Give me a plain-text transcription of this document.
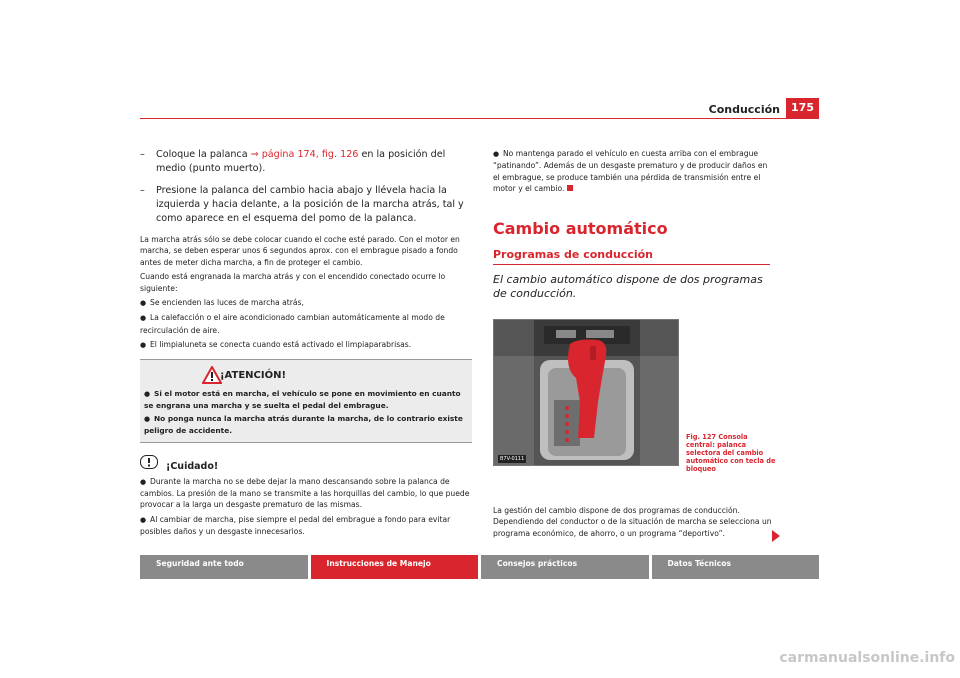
Conducción	175
– Coloque la palanca ⇒ página 174, fig. 126 en la posición del medio (punto muerto).
– Presione la palanca del cambio hacia abajo y llévela hacia la izquierda y hacia delante, a la posición de la marcha atrás, tal y como aparece en el esquema del pomo de la palanca.

La marcha atrás sólo se debe colocar cuando el coche esté parado. Con el motor en marcha, se deben esperar unos 6 segundos aprox. con el embrague pisado a fondo antes de meter dicha marcha, a fin de proteger el cambio.

Cuando está engranada la marcha atrás y con el encendido conectado ocurre lo siguiente:

● Se encienden las luces de marcha atrás,
● La calefacción o el aire acondicionado cambian automáticamente al modo de recirculación de aire.
● El limpialuneta se conecta cuando está activado el limpiaparabrisas.
¡ATENCIÓN!
● Si el motor está en marcha, el vehículo se pone en movimiento en cuanto se engrana una marcha y se suelta el pedal del embrague.
● No ponga nunca la marcha atrás durante la marcha, de lo contrario existe peligro de accidente.
¡Cuidado!
● Durante la marcha no se debe dejar la mano descansando sobre la palanca de cambios. La presión de la mano se transmite a las horquillas del cambio, lo que puede provocar a la larga un desgaste prematuro de las mismas.
● Al cambiar de marcha, pise siempre el pedal del embrague a fondo para evitar posibles daños y un desgaste innecesarios.
● No mantenga parado el vehículo en cuesta arriba con el embrague “patinando”. Además de un desgaste prematuro y de producir daños en el embrague, se produce también una pérdida de transmisión entre el motor y el cambio.
Cambio automático
Programas de conducción
El cambio automático dispone de dos programas de conducción.
B7V-0111
Fig. 127 Consola central: palanca selectora del cambio automático con tecla de bloqueo

La gestión del cambio dispone de dos programas de conducción. Dependiendo del conductor o de la situación de marcha se selecciona un programa económico, de ahorro, o un programa “deportivo”.

Seguridad ante todo	Instrucciones de Manejo	Consejos prácticos	Datos Técnicos
carmanualsonline.info
